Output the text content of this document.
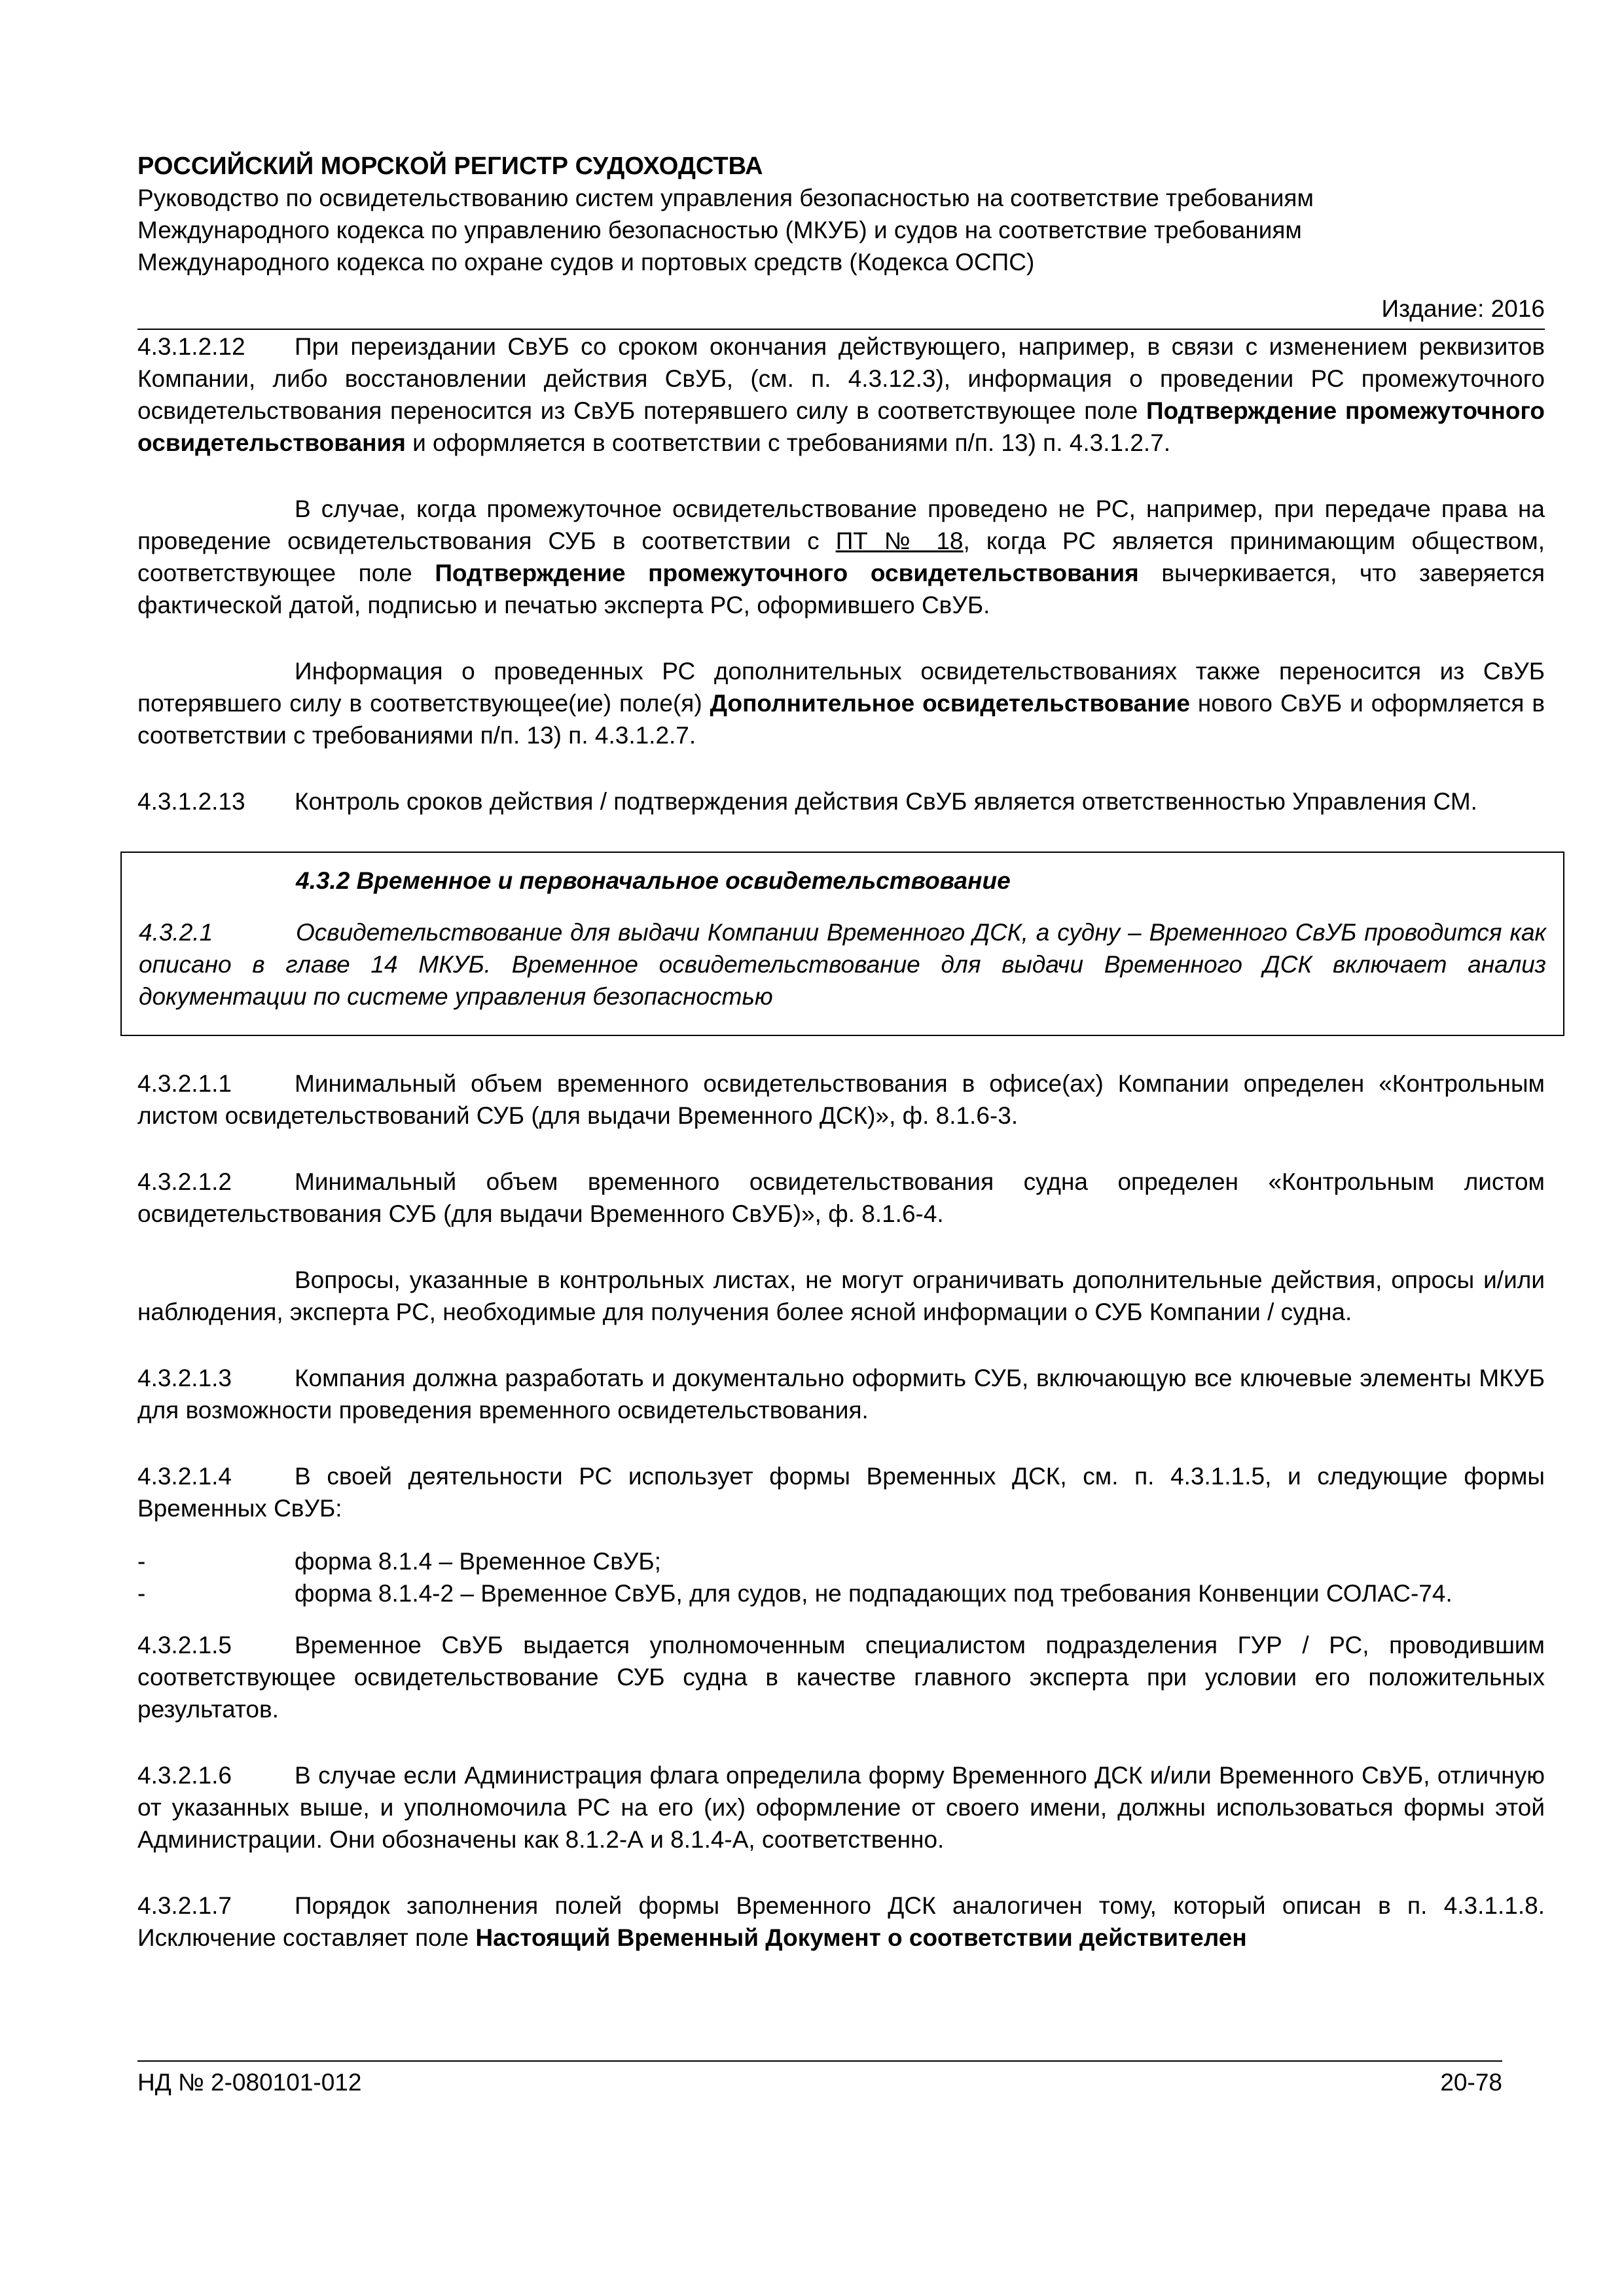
РОССИЙСКИЙ МОРСКОЙ РЕГИСТР СУДОХОДСТВА
Руководство по освидетельствованию систем управления безопасностью на соответствие требованиям
Международного кодекса по управлению безопасностью (МКУБ) и судов на соответствие требованиям
Международного кодекса по охране судов и портовых средств (Кодекса ОСПС)
Издание: 2016
4.3.1.2.12 При переиздании СвУБ со сроком окончания действующего, например, в связи с изменением реквизитов Компании, либо восстановлении действия СвУБ, (см. п. 4.3.12.3), информация о проведении РС промежуточного освидетельствования переносится из СвУБ потерявшего силу в соответствующее поле Подтверждение промежуточного освидетельствования и оформляется в соответствии с требованиями п/п. 13) п. 4.3.1.2.7.
В случае, когда промежуточное освидетельствование проведено не РС, например, при передаче права на проведение освидетельствования СУБ в соответствии с ПТ № 18, когда РС является принимающим обществом, соответствующее поле Подтверждение промежуточного освидетельствования вычеркивается, что заверяется фактической датой, подписью и печатью эксперта РС, оформившего СвУБ.
Информация о проведенных РС дополнительных освидетельствованиях также переносится из СвУБ потерявшего силу в соответствующее(ие) поле(я) Дополнительное освидетельствование нового СвУБ и оформляется в соответствии с требованиями п/п. 13) п. 4.3.1.2.7.
4.3.1.2.13 Контроль сроков действия / подтверждения действия СвУБ является ответственностью Управления СМ.
4.3.2 Временное и первоначальное освидетельствование
4.3.2.1	Освидетельствование для выдачи Компании Временного ДСК, а судну – Временного СвУБ проводится как описано в главе 14 МКУБ. Временное освидетельствование для выдачи Временного ДСК включает анализ документации по системе управления безопасностью
4.3.2.1.1	Минимальный объем временного освидетельствования в офисе(ах) Компании определен «Контрольным листом освидетельствований СУБ (для выдачи Временного ДСК)», ф. 8.1.6-3.
4.3.2.1.2	Минимальный объем временного освидетельствования судна определен «Контрольным листом освидетельствования СУБ (для выдачи Временного СвУБ)», ф. 8.1.6-4.
Вопросы, указанные в контрольных листах, не могут ограничивать дополнительные действия, опросы и/или наблюдения, эксперта РС, необходимые для получения более ясной информации о СУБ Компании / судна.
4.3.2.1.3	Компания должна разработать и документально оформить СУБ, включающую все ключевые элементы МКУБ для возможности проведения временного освидетельствования.
4.3.2.1.4	В своей деятельности РС использует формы Временных ДСК, см. п. 4.3.1.1.5, и следующие формы Временных СвУБ:
-	форма 8.1.4 – Временное СвУБ;
-	форма 8.1.4-2 – Временное СвУБ, для судов, не подпадающих под требования Конвенции СОЛАС-74.
4.3.2.1.5	Временное СвУБ выдается уполномоченным специалистом подразделения ГУР / РС, проводившим соответствующее освидетельствование СУБ судна в качестве главного эксперта при условии его положительных результатов.
4.3.2.1.6	В случае если Администрация флага определила форму Временного ДСК и/или Временного СвУБ, отличную от указанных выше, и уполномочила РС на его (их) оформление от своего имени, должны использоваться формы этой Администрации. Они обозначены как 8.1.2-А и 8.1.4-А, соответственно.
4.3.2.1.7	Порядок заполнения полей формы Временного ДСК аналогичен тому, который описан в п. 4.3.1.1.8. Исключение составляет поле Настоящий Временный Документ о соответствии действителен
НД № 2-080101-012	20-78
